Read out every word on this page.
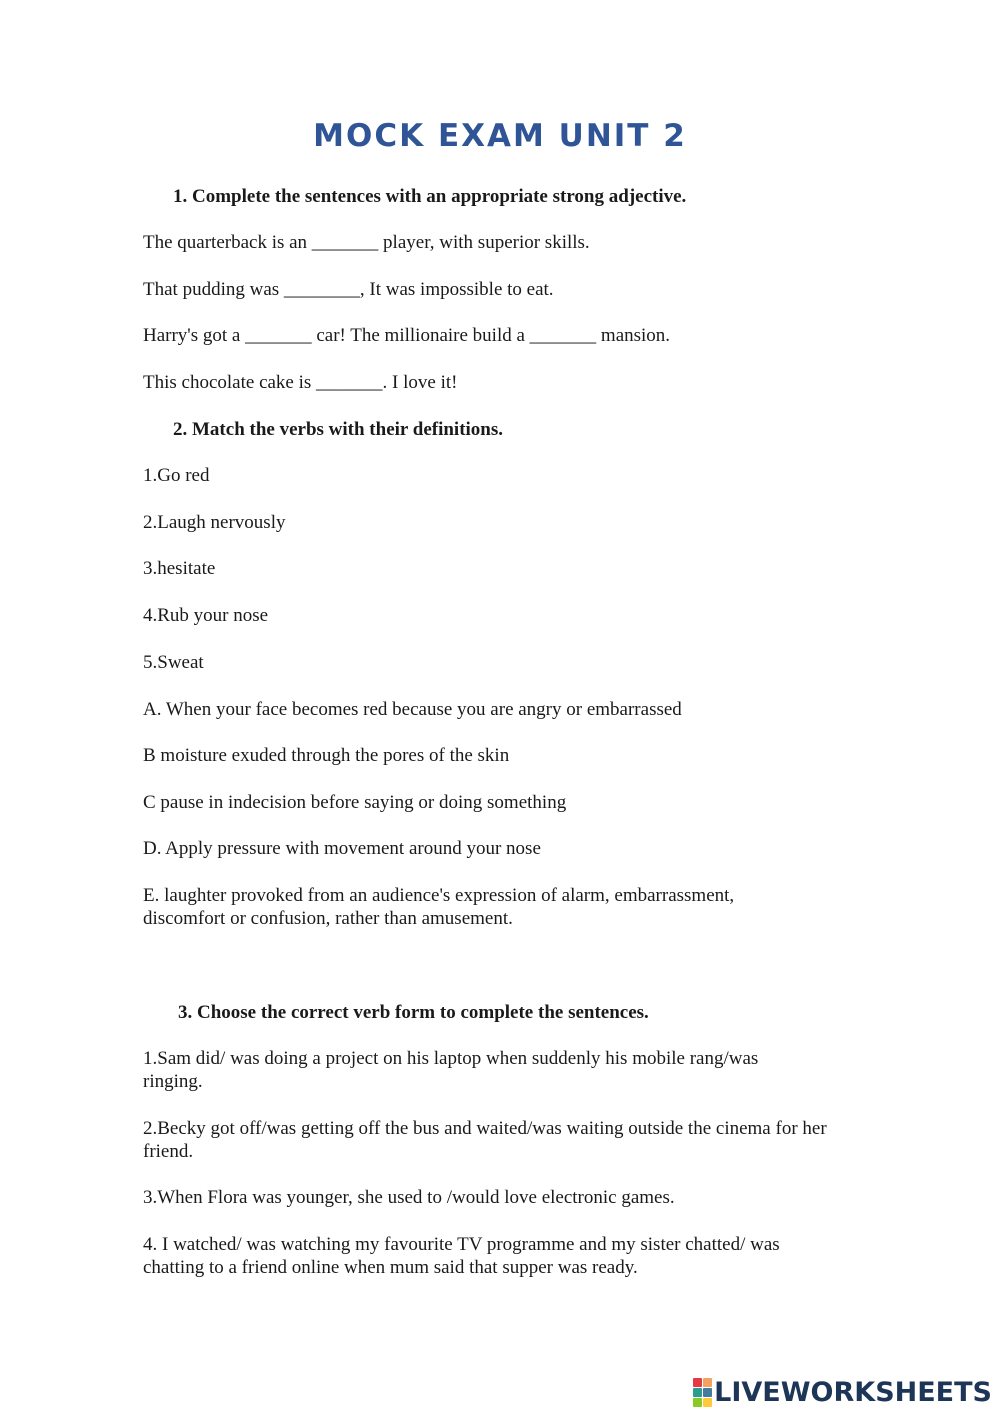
MOCK EXAM UNIT 2
1. Complete the sentences with an appropriate strong adjective.
The quarterback is an _______ player, with superior skills.
That pudding was ________, It was impossible to eat.
Harry's got a _______ car! The millionaire build a _______ mansion.
This chocolate cake is _______. I love it!
2. Match the verbs with their definitions.
1.Go red
2.Laugh nervously
3.hesitate
4.Rub your nose
5.Sweat
A. When your face becomes red because you are angry or embarrassed
B moisture exuded through the pores of the skin
C pause in indecision before saying or doing something
D. Apply pressure with movement around your nose
E. laughter provoked from an audience's expression of alarm, embarrassment, discomfort or confusion, rather than amusement.
3. Choose the correct verb form to complete the sentences.
1.Sam did/ was doing a project on his laptop when suddenly his mobile rang/was ringing.
2.Becky got off/was getting off the bus and waited/was waiting outside the cinema for her friend.
3.When Flora was younger, she used to /would love electronic games.
4. I watched/ was watching my favourite TV programme and my sister chatted/ was chatting to a friend online when mum said that supper was ready.
LIVEWORKSHEETS
